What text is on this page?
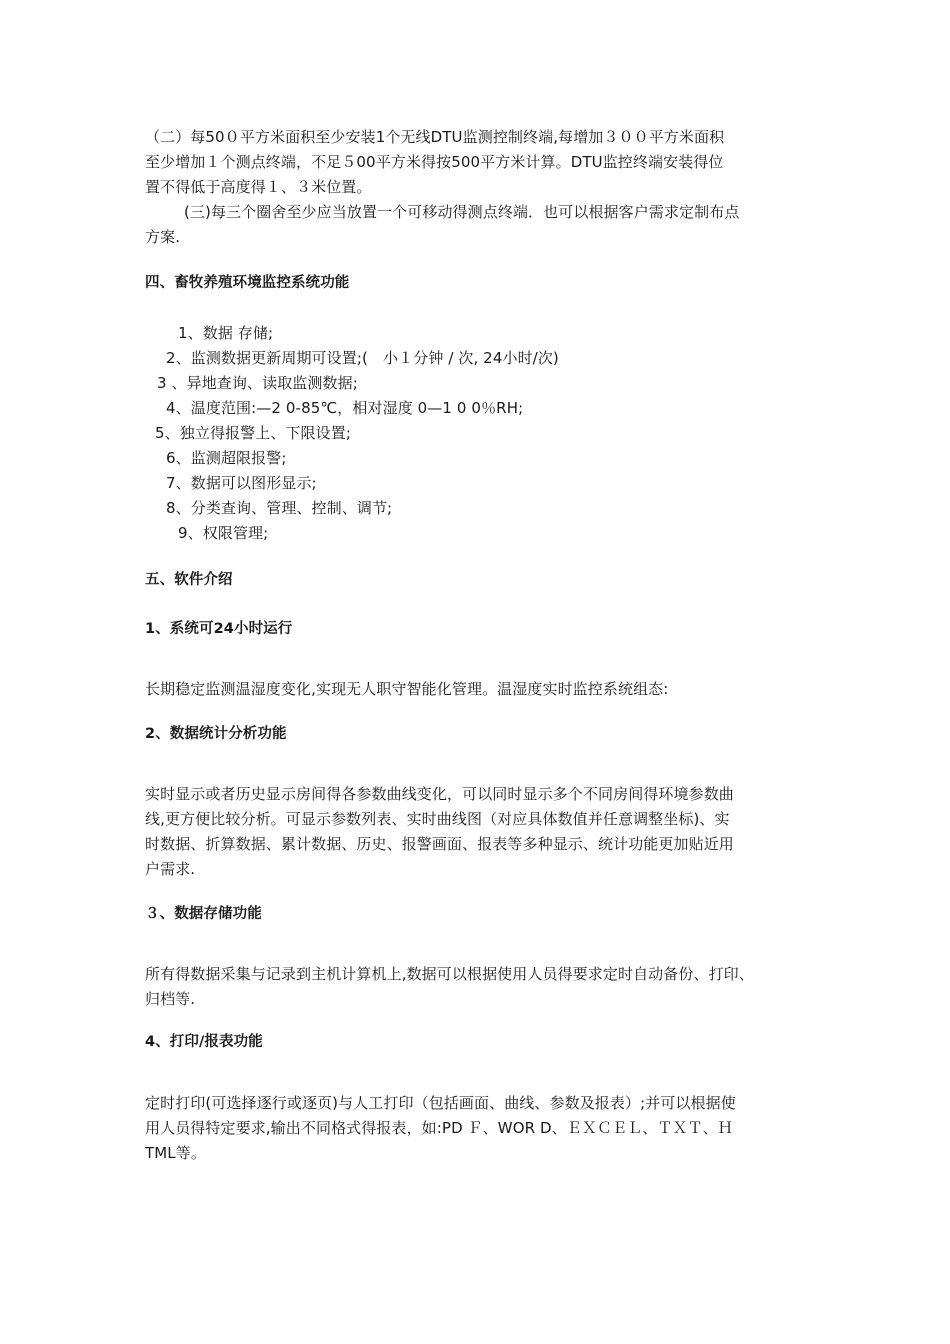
（二）每50０平方米面积至少安装1个无线DTU监测控制终端,每增加３００平方米面积
至少增加１个测点终端，不足５00平方米得按500平方米计算。DTU监控终端安装得位
置不得低于高度得１、３米位置。
(三)每三个圈舍至少应当放置一个可移动得测点终端．也可以根据客户需求定制布点
方案.
四、畜牧养殖环境监控系统功能
1、数据 存储;
2、监测数据更新周期可设置;(　小１分钟 / 次, 24小时/次)
3 、异地查询、读取监测数据;
4、温度范围:—2 0-85℃，相对湿度 0—1 0 0％RH;
5、独立得报警上、下限设置;
6、监测超限报警;
7、数据可以图形显示;
8、分类查询、管理、控制、调节;
9、权限管理;
五、软件介绍
1、系统可24小时运行
长期稳定监测温湿度变化,实现无人职守智能化管理。温湿度实时监控系统组态:
2、数据统计分析功能
实时显示或者历史显示房间得各参数曲线变化，可以同时显示多个不同房间得环境参数曲
线,更方便比较分析。可显示参数列表、实时曲线图（对应具体数值并任意调整坐标)、实
时数据、折算数据、累计数据、历史、报警画面、报表等多种显示、统计功能更加贴近用
户需求.
３、数据存储功能
所有得数据采集与记录到主机计算机上,数据可以根据使用人员得要求定时自动备份、打印、
归档等.
4、打印/报表功能
定时打印(可选择逐行或逐页)与人工打印（包括画面、曲线、参数及报表）;并可以根据使
用人员得特定要求,输出不同格式得报表，如:PD Ｆ、WOR D、ＥＸＣＥＬ、ＴＸＴ、Ｈ
TML等。
